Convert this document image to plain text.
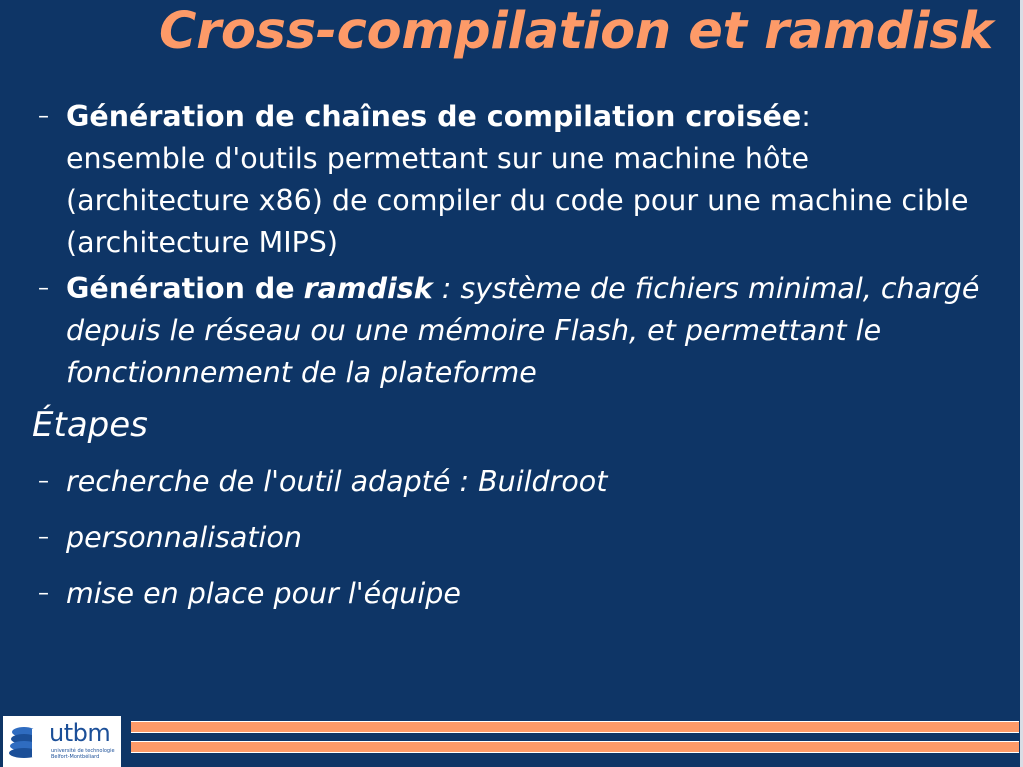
Cross-compilation et ramdisk

– Génération de chaînes de compilation croisée:
ensemble d'outils permettant sur une machine hôte (architecture x86) de compiler du code pour une machine cible (architecture MIPS)

– Génération de ramdisk : système de fichiers minimal, chargé depuis le réseau ou une mémoire Flash, et permettant le fonctionnement de la plateforme

Étapes

– recherche de l'outil adapté : Buildroot

– personnalisation

– mise en place pour l'équipe

utbm
université de technologie Belfort-Montbéliard
